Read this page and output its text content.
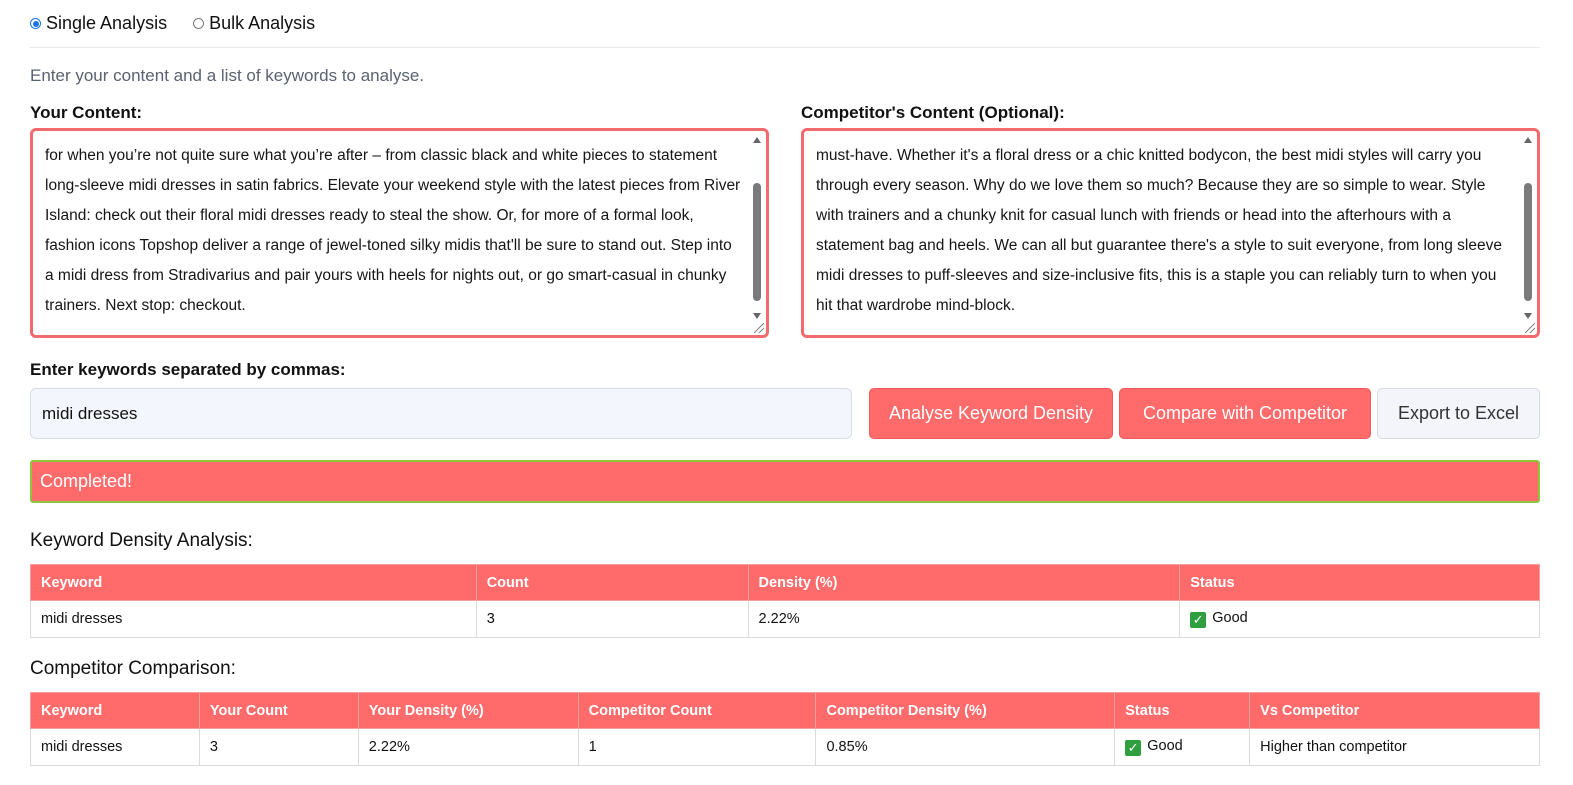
Single Analysis Bulk Analysis
Enter your content and a list of keywords to analyse.
Your Content:
for when you’re not quite sure what you’re after – from classic black and white pieces to statement long-sleeve midi dresses in satin fabrics. Elevate your weekend style with the latest pieces from River Island: check out their floral midi dresses ready to steal the show. Or, for more of a formal look, fashion icons Topshop deliver a range of jewel-toned silky midis that'll be sure to stand out. Step into a midi dress from Stradivarius and pair yours with heels for nights out, or go smart-casual in chunky trainers. Next stop: checkout.
Competitor's Content (Optional):
must-have. Whether it's a floral dress or a chic knitted bodycon, the best midi styles will carry you through every season. Why do we love them so much? Because they are so simple to wear. Style with trainers and a chunky knit for casual lunch with friends or head into the afterhours with a statement bag and heels. We can all but guarantee there's a style to suit everyone, from long sleeve midi dresses to puff-sleeves and size-inclusive fits, this is a staple you can reliably turn to when you hit that wardrobe mind-block.
Enter keywords separated by commas:
midi dresses	Analyse Keyword Density	Compare with Competitor	Export to Excel
Completed!
Keyword Density Analysis:
Keyword	Count	Density (%)	Status
midi dresses	3	2.22%	✓ Good
Competitor Comparison:
Keyword	Your Count	Your Density (%)	Competitor Count	Competitor Density (%)	Status	Vs Competitor
midi dresses	3	2.22%	1	0.85%	✓ Good	Higher than competitor
